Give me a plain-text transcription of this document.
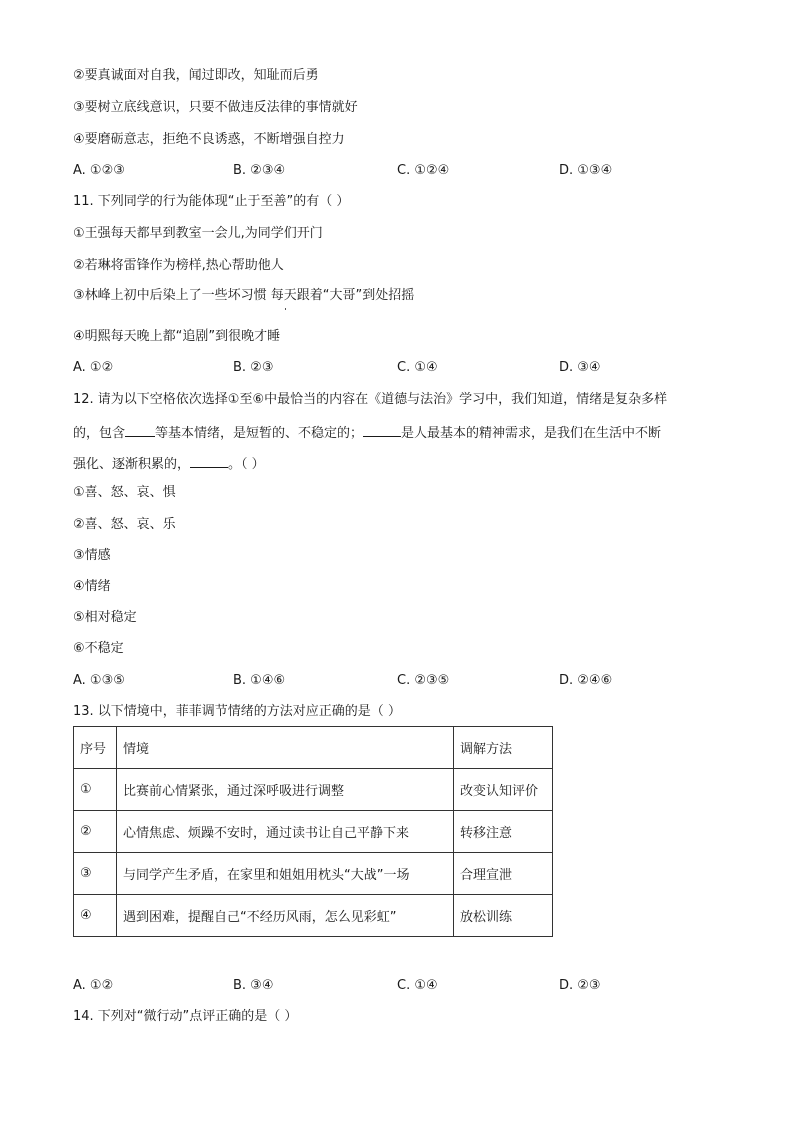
②要真诚面对自我，闻过即改，知耻而后勇
③要树立底线意识，只要不做违反法律的事情就好
④要磨砺意志，拒绝不良诱惑，不断增强自控力
A. ①②③	B. ②③④	C. ①②④	D. ①③④
11. 下列同学的行为能体现“止于至善”的有（ ）
①王强每天都早到教室一会儿,为同学们开门
②若琳将雷锋作为榜样,热心帮助他人
③林峰上初中后染上了一些坏习惯 每天跟着“大哥”到处招摇
④明熙每天晚上都“追剧”到很晚才睡
A. ①②	B. ②③	C. ①④	D. ③④
12. 请为以下空格依次选择①至⑥中最恰当的内容在《道德与法治》学习中，我们知道，情绪是复杂多样
的，包含 等基本情绪，是短暂的、不稳定的；	是人最基本的精神需求，是我们在生活中不断
强化、逐渐积累的，	。（ ）
①喜、怒、哀、惧
②喜、怒、哀、乐
③情感
④情绪
⑤相对稳定
⑥不稳定
A. ①③⑤	B. ①④⑥	C. ②③⑤	D. ②④⑥
13. 以下情境中，菲菲调节情绪的方法对应正确的是（ ）
序号	情境	调解方法
①	比赛前心情紧张，通过深呼吸进行调整	改变认知评价
②	心情焦虑、烦躁不安时，通过读书让自己平静下来	转移注意
③	与同学产生矛盾，在家里和姐姐用枕头“大战”一场	合理宣泄
④	遇到困难，提醒自己“不经历风雨，怎么见彩虹”	放松训练
A. ①②	B. ③④	C. ①④	D. ②③
14. 下列对“微行动”点评正确的是（ ）
